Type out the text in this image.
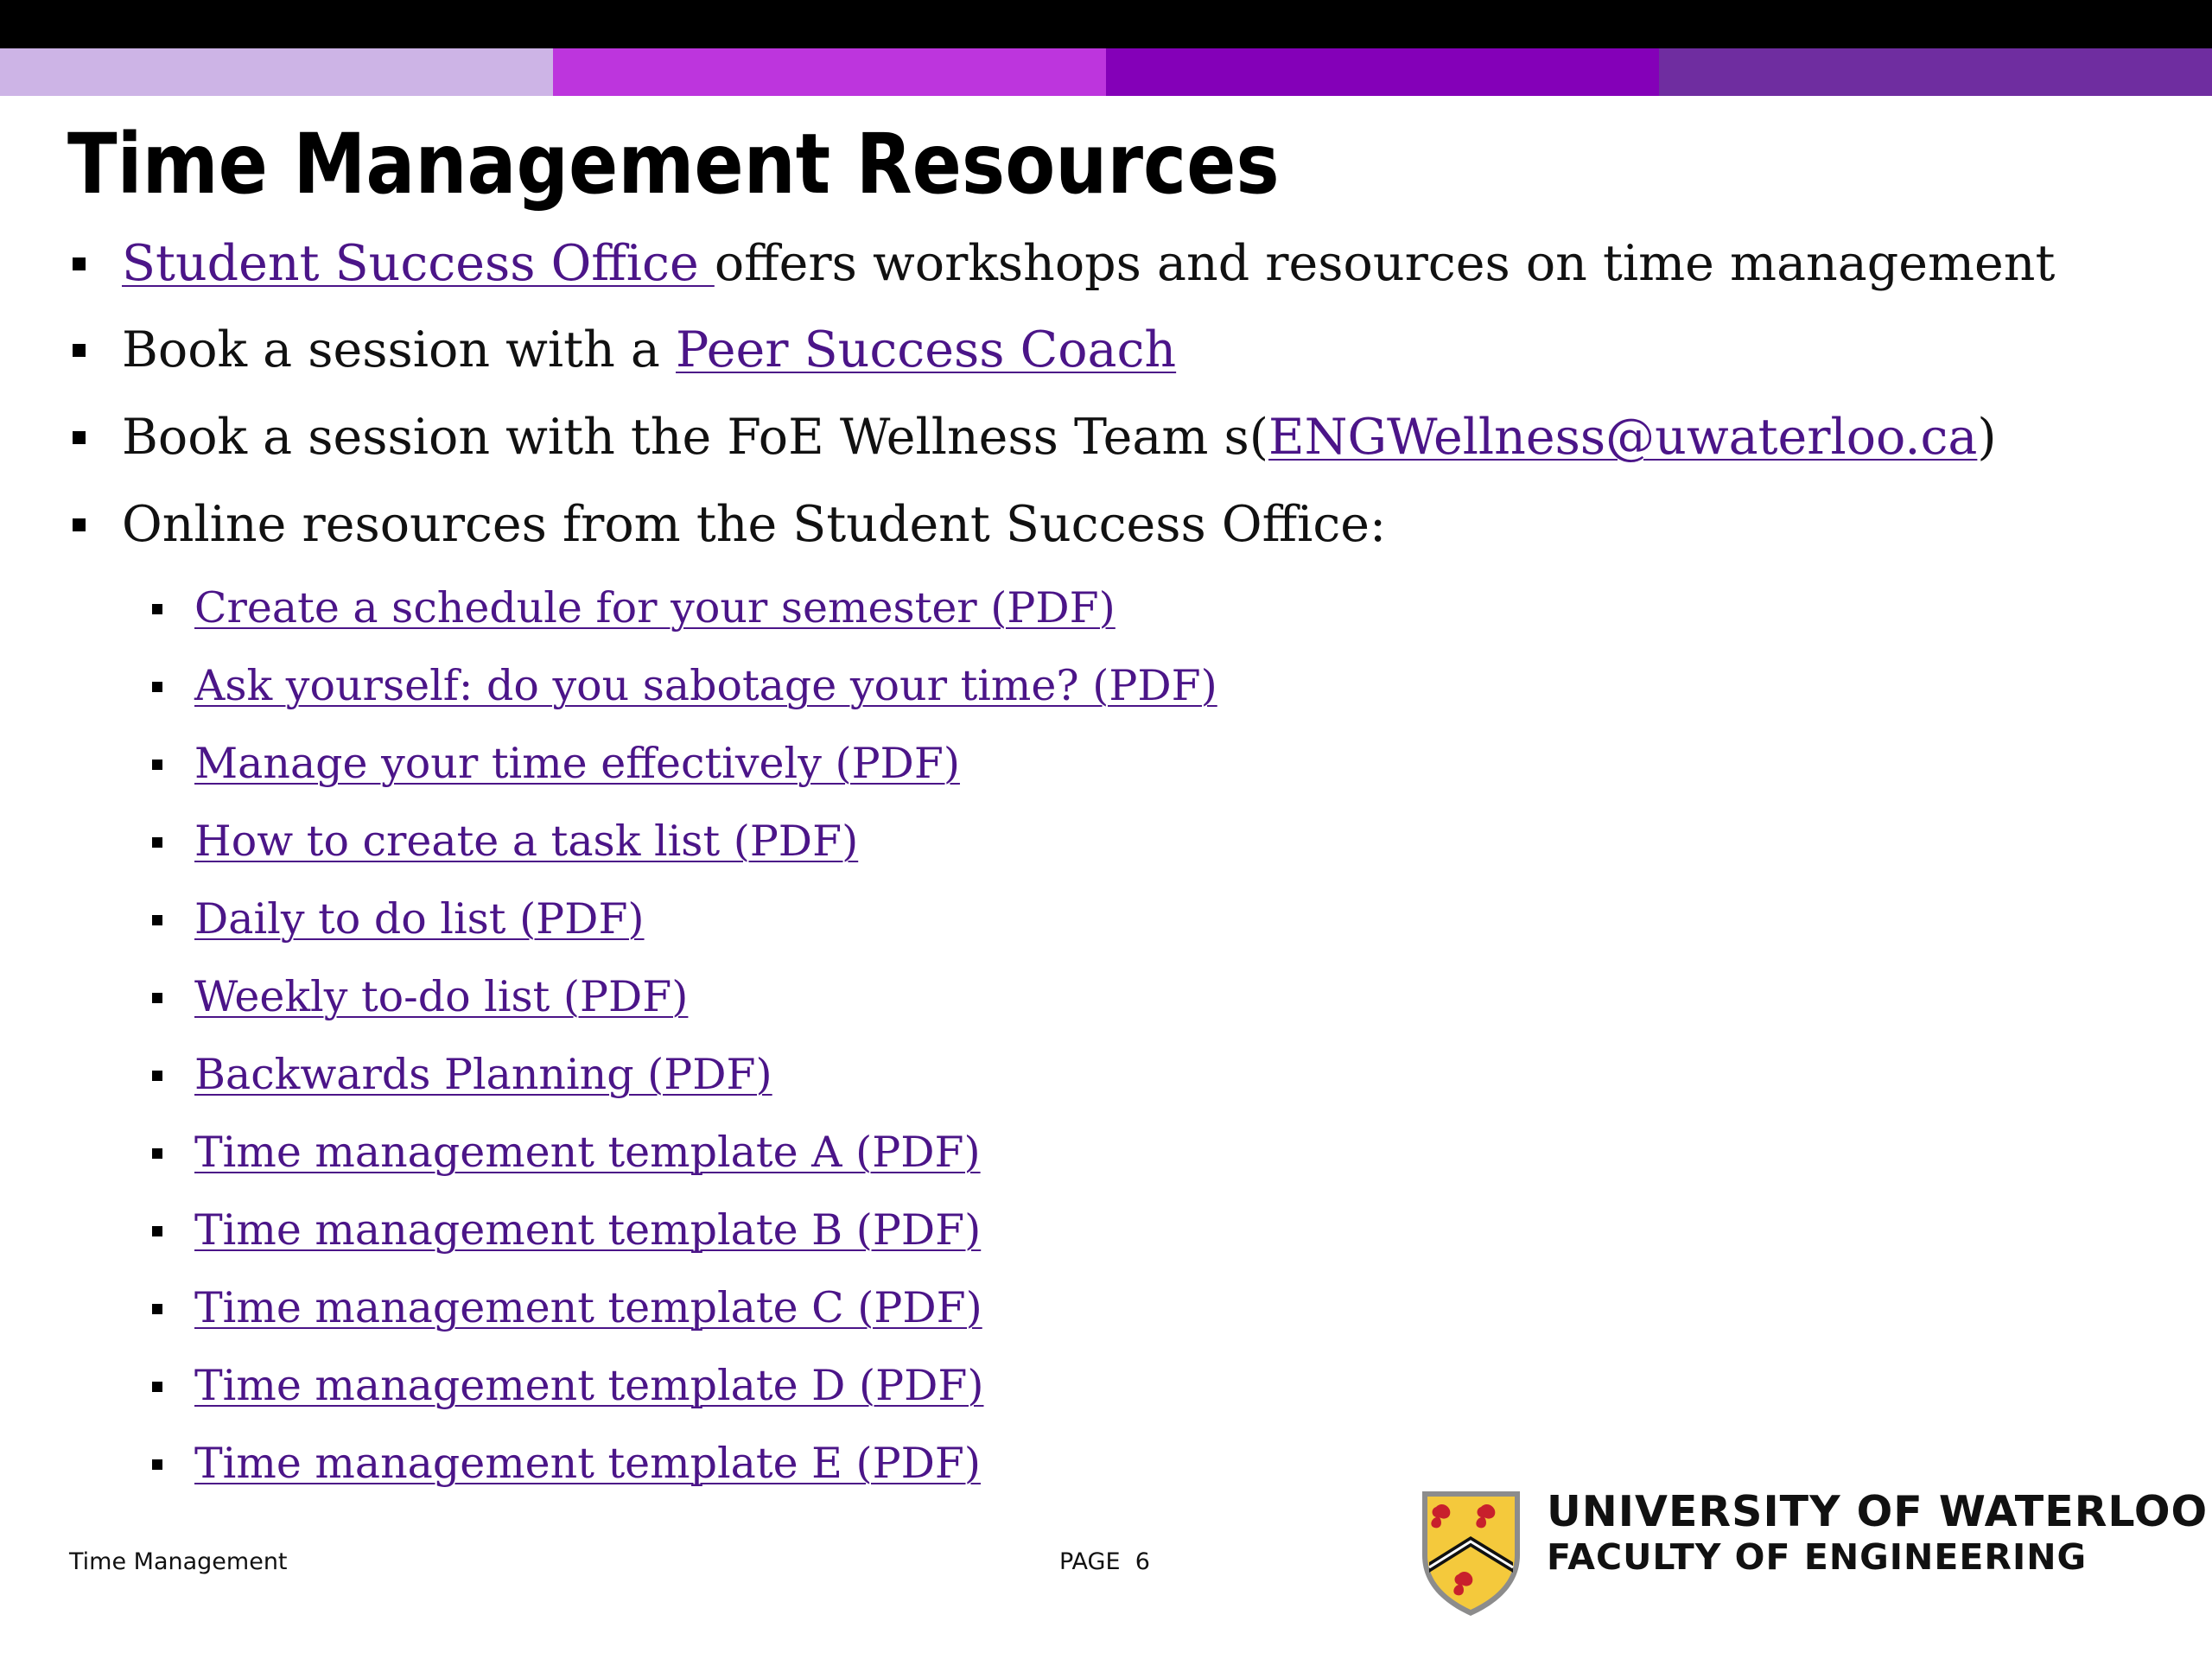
Time Management Resources
Student Success Office offers workshops and resources on time management
Book a session with a Peer Success Coach
Book a session with the FoE Wellness Team s(ENGWellness@uwaterloo.ca)
Online resources from the Student Success Office:
Create a schedule for your semester (PDF)
Ask yourself: do you sabotage your time? (PDF)
Manage your time effectively (PDF)
How to create a task list (PDF)
Daily to do list (PDF)
Weekly to-do list (PDF)
Backwards Planning (PDF)
Time management template A (PDF)
Time management template B (PDF)
Time management template C (PDF)
Time management template D (PDF)
Time management template E (PDF)
Time Management	PAGE  6
UNIVERSITY OF WATERLOO
FACULTY OF ENGINEERING
